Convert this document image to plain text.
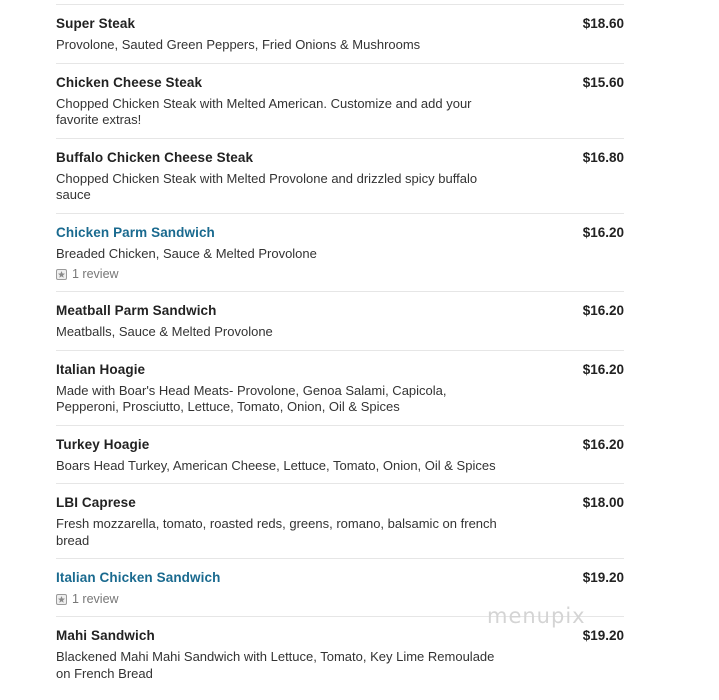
Super Steak	$18.60
Provolone, Sauted Green Peppers, Fried Onions & Mushrooms
Chicken Cheese Steak	$15.60
Chopped Chicken Steak with Melted American. Customize and add your favorite extras!
Buffalo Chicken Cheese Steak	$16.80
Chopped Chicken Steak with Melted Provolone and drizzled spicy buffalo sauce
Chicken Parm Sandwich	$16.20
Breaded Chicken, Sauce & Melted Provolone
1 review
Meatball Parm Sandwich	$16.20
Meatballs, Sauce & Melted Provolone
Italian Hoagie	$16.20
Made with Boar's Head Meats- Provolone, Genoa Salami, Capicola, Pepperoni, Prosciutto, Lettuce, Tomato, Onion, Oil & Spices
Turkey Hoagie	$16.20
Boars Head Turkey, American Cheese, Lettuce, Tomato, Onion, Oil & Spices
LBI Caprese	$18.00
Fresh mozzarella, tomato, roasted reds, greens, romano, balsamic on french bread
Italian Chicken Sandwich	$19.20
1 review
Mahi Sandwich	$19.20
Blackened Mahi Mahi Sandwich with Lettuce, Tomato, Key Lime Remoulade on French Bread
menupix
